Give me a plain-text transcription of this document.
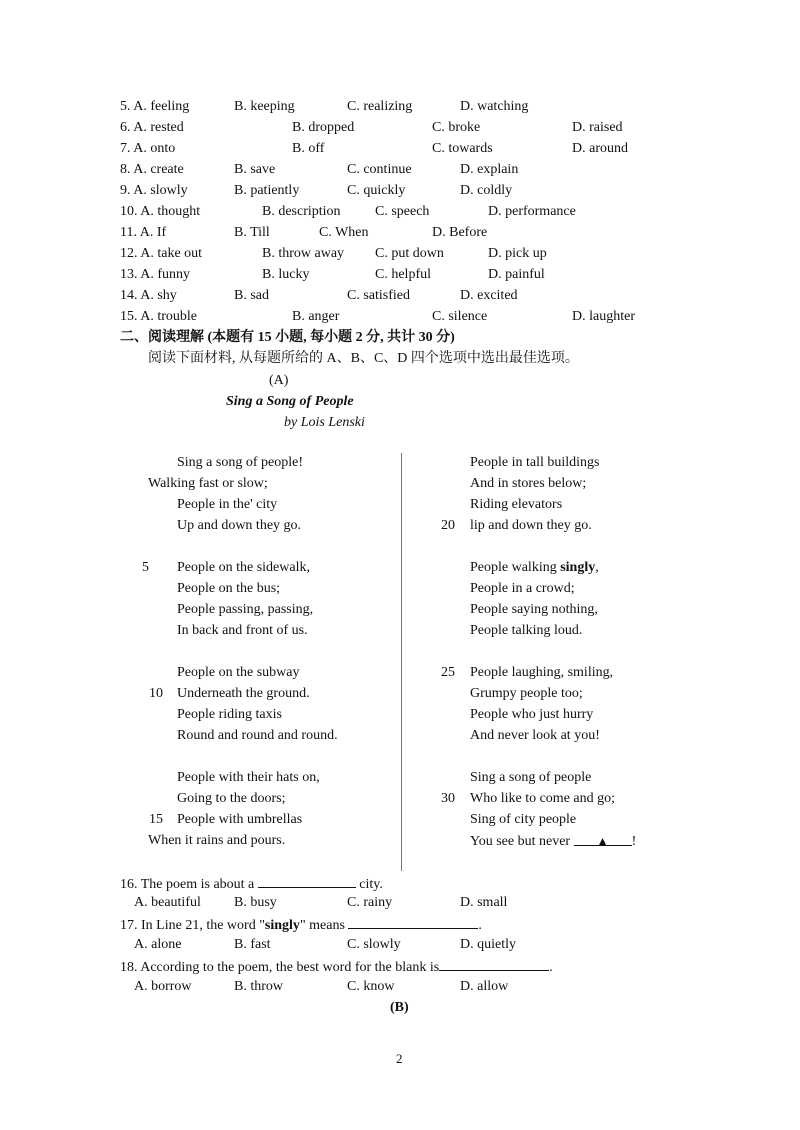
5. A. feeling	B. keeping	C. realizing	D. watching
6. A. rested	B. dropped	C. broke	D. raised
7. A. onto	B. off	C. towards	D. around
8. A. create	B. save	C. continue	D. explain
9. A. slowly	B. patiently	C. quickly	D. coldly
10. A. thought	B. description C. speech	D. performance
11. A. If	B. Till	C. When	D. Before
12. A. take out	B. throw away C. put down	D. pick up
13. A. funny	B. lucky	C. helpful	D. painful
14. A. shy	B. sad	C. satisfied	D. excited
15. A. trouble	B. anger	C. silence	D. laughter
二、阅读理解 (本题有 15 小题, 每小题 2 分, 共计 30 分)
阅读下面材料, 从每题所给的 A、B、C、D 四个选项中选出最佳选项。
(A)
Sing a Song of People
by Lois Lenski
Sing a song of people!
Walking fast or slow;
People in the' city
Up and down they go.
5 People on the sidewalk,
People on the bus;
People passing, passing,
In back and front of us.
People on the subway
10 Underneath the ground.
People riding taxis
Round and round and round.
People with their hats on,
Going to the doors;
15 People with umbrellas
When it rains and pours.
People in tall buildings
And in stores below;
Riding elevators
20 lip and down they go.
People walking singly,
People in a crowd;
People saying nothing,
People talking loud.
25 People laughing, smiling,
Grumpy people too;
People who just hurry
And never look at you!
Sing a song of people
30 Who like to come and go;
Sing of city people
You see but never ▲ !
16. The poem is about a	city.
A. beautiful B. busy	C. rainy	D. small
17. In Line 21, the word "singly" means	.
A. alone	B. fast	C. slowly	D. quietly
18. According to the poem, the best word for the blank is	.
A. borrow	B. throw	C. know	D. allow
(B)
2
